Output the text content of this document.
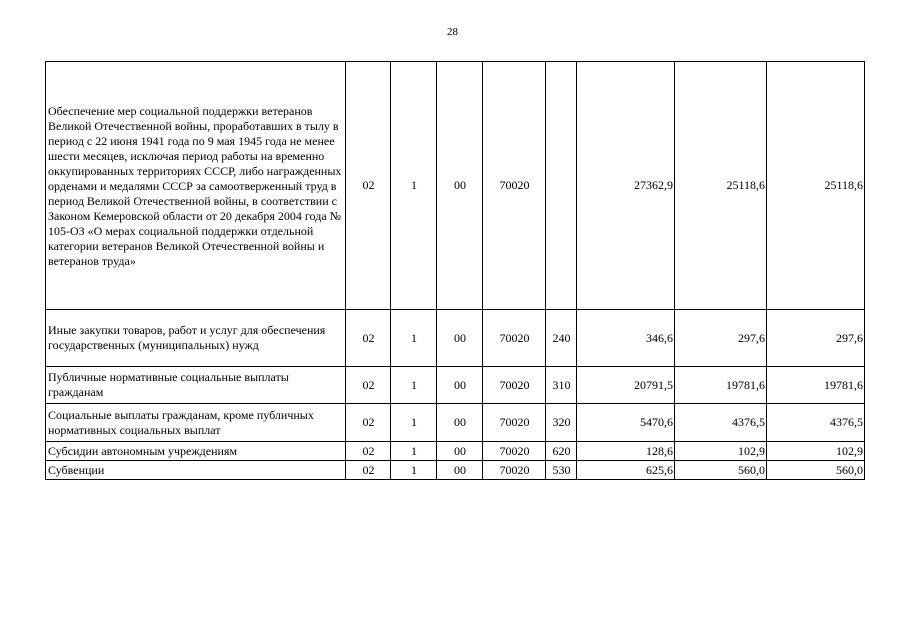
28
Обеспечение мер социальной поддержки ветеранов Великой Отечественной войны, проработавших в тылу в период с 22 июня 1941 года по 9 мая 1945 года не менее шести месяцев, исключая период работы на временно оккупированных территориях СССР, либо награжденных орденами и медалями СССР за самоотверженный труд в период Великой Отечественной войны, в соответствии с Законом Кемеровской области от 20 декабря 2004 года № 105-ОЗ «О мерах социальной поддержки отдельной категории ветеранов Великой Отечественной войны и ветеранов труда»	02	1	00	70020		27362,9	25118,6	25118,6
Иные закупки товаров, работ и услуг для обеспечения государственных (муниципальных) нужд	02	1	00	70020	240	346,6	297,6	297,6
Публичные нормативные социальные выплаты гражданам	02	1	00	70020	310	20791,5	19781,6	19781,6
Социальные выплаты гражданам, кроме публичных нормативных социальных выплат	02	1	00	70020	320	5470,6	4376,5	4376,5
Субсидии автономным учреждениям	02	1	00	70020	620	128,6	102,9	102,9
Субвенции	02	1	00	70020	530	625,6	560,0	560,0
